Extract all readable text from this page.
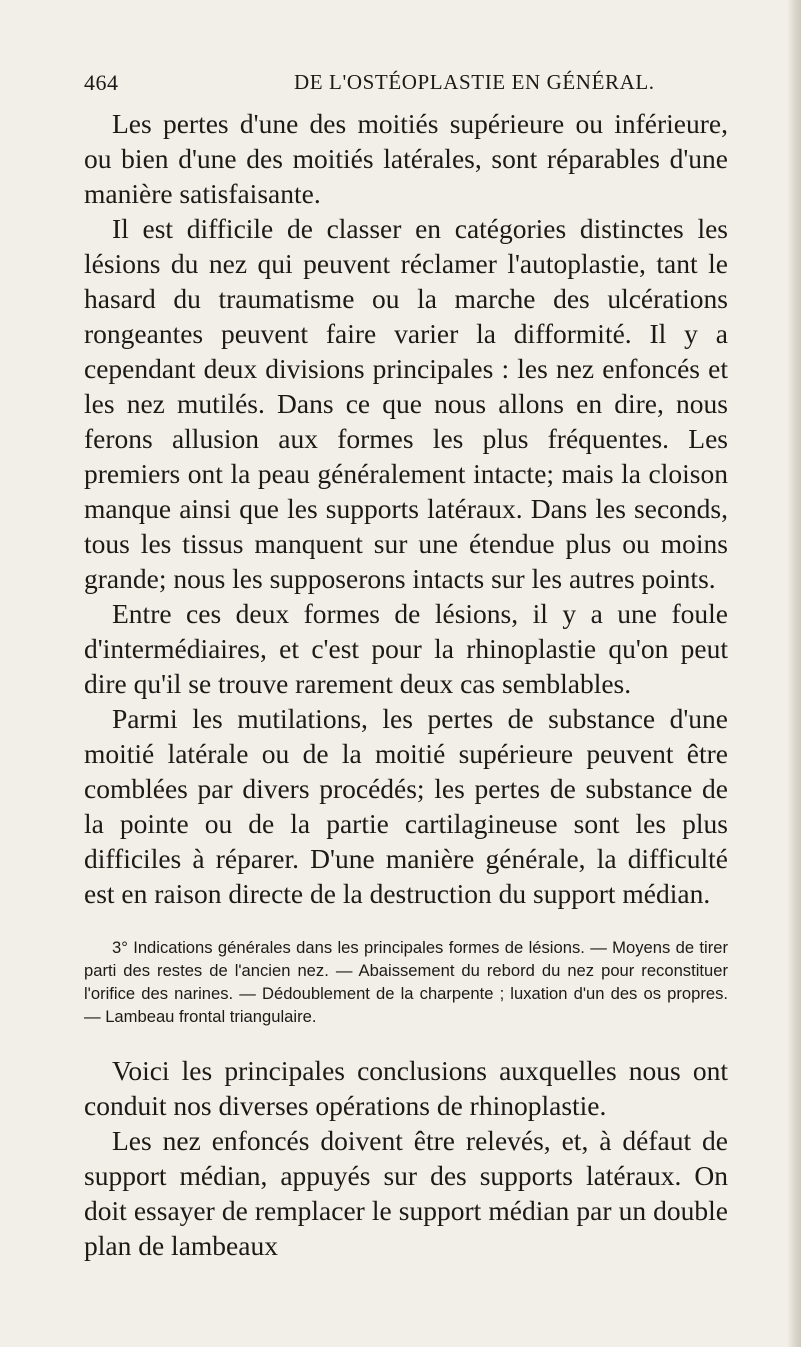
464	DE L'OSTÉOPLASTIE EN GÉNÉRAL.

Les pertes d'une des moitiés supérieure ou inférieure, ou bien d'une des moitiés latérales, sont réparables d'une manière satisfaisante.

Il est difficile de classer en catégories distinctes les lésions du nez qui peuvent réclamer l'autoplastie, tant le hasard du traumatisme ou la marche des ulcérations rongeantes peuvent faire varier la difformité. Il y a cependant deux divisions principales : les nez enfoncés et les nez mutilés. Dans ce que nous allons en dire, nous ferons allusion aux formes les plus fréquentes. Les premiers ont la peau généralement intacte; mais la cloison manque ainsi que les supports latéraux. Dans les seconds, tous les tissus manquent sur une étendue plus ou moins grande; nous les supposerons intacts sur les autres points.

Entre ces deux formes de lésions, il y a une foule d'intermédiaires, et c'est pour la rhinoplastie qu'on peut dire qu'il se trouve rarement deux cas semblables.

Parmi les mutilations, les pertes de substance d'une moitié latérale ou de la moitié supérieure peuvent être comblées par divers procédés; les pertes de substance de la pointe ou de la partie cartilagineuse sont les plus difficiles à réparer. D'une manière générale, la difficulté est en raison directe de la destruction du support médian.

3° Indications générales dans les principales formes de lésions. — Moyens de tirer parti des restes de l'ancien nez. — Abaissement du rebord du nez pour reconstituer l'orifice des narines. — Dédoublement de la charpente ; luxation d'un des os propres. — Lambeau frontal triangulaire.

Voici les principales conclusions auxquelles nous ont conduit nos diverses opérations de rhinoplastie.

Les nez enfoncés doivent être relevés, et, à défaut de support médian, appuyés sur des supports latéraux. On doit essayer de remplacer le support médian par un double plan de lambeaux
